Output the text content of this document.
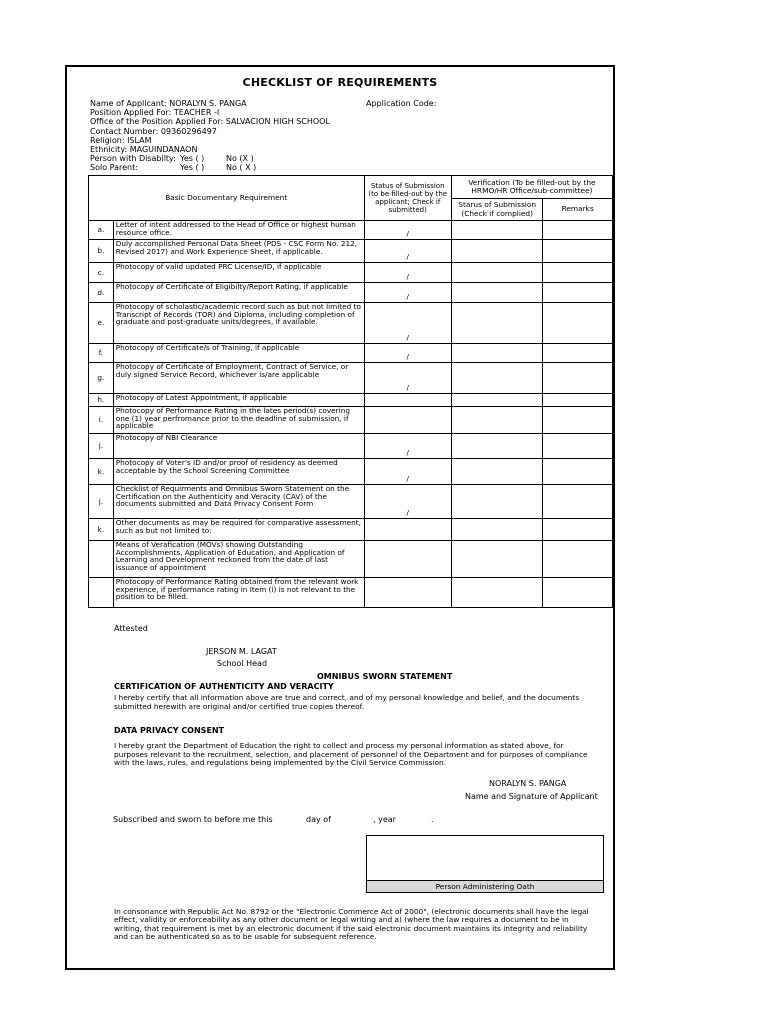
CHECKLIST OF REQUIREMENTS
Name of Applicant: NORALYN S. PANGA
Position Applied For: TEACHER -I
Office of the Position Applied For: SALVACION HIGH SCHOOL
Contact Number: 09360296497
Religion: ISLAM
Ethnicity: MAGUINDANAON
Person with Disabilty: Yes ( )	No (X )
Solo Parent:	Yes ( )	No ( X )
Application Code:
Basic Documentary Requirement		Status of Submission (to be filled-out by the applicant; Check if submitted)	Verification (To be filled-out by the HRMO/HR Office/sub-committee)	
			Starus of Submission (Check if complied)	Remarks
a.	Letter of intent addressed to the Head of Office or highest human resource office.	/		
b.	Duly accomplished Personal Data Sheet (PDS - CSC Form No. 212, Revised 2017) and Work Experience Sheet, if applicable.	/		
c.	Photocopy of valid updated PRC License/ID, if applicable	/		
d.	Photocopy of Certificate of Eligibilty/Report Rating, if applicable	/		
e.	Photocopy of scholastic/academic record such as but not limited to Transcript of Records (TOR) and Diploma, including completion of graduate and post-graduate units/degrees, if available.	/		
f.	Photocopy of Certificate/s of Training, if applicable	/		
g.	Photocopy of Certificate of Employment, Contract of Service, or duly signed Service Record, whichever is/are applicable	/		
h.	Photocopy of Latest Appointment, if applicable			
i.	Photocopy of Performance Rating in the lates period(s) covering one (1) year perfromance prior to the deadline of submission, if applicable			
j.	Photocopy of NBI Clearance	/		
k.	Photocopy of Voter's ID and/or proof of residency as deemed acceptable by the School Screening Committee	/		
j.	Checklist of Requirments and Omnibus Sworn Statement on the Certification on the Authenticity and Veracity (CAV) of the documents submitted and Data Privacy Consent Form	/		
k.	Other documents as may be required for comparative assessment, such as but not limited to:			
	Means of Verafication (MOVs) showing Outstanding Accomplishments, Application of Education, and Application of Learning and Development reckoned from the date of last issuance of appointment			
	Photocopy of Performance Rating obtained from the relevant work experience, if performance rating in Item (i) is not relevant to the position to be filled.			
Attested
JERSON M. LAGAT
School Head
OMNIBUS SWORN STATEMENT
CERTIFICATION OF AUTHENTICITY AND VERACITY
I hereby certify that all information above are true and correct, and of my personal knowledge and belief, and the documents submitted herewith are original and/or certified true copies thereof.
DATA PRIVACY CONSENT
I hereby grant the Department of Education the right to collect and process my personal information as stated above, for purposes relevant to the recruitment, selection, and placement of personnel of the Department and for purposes of compliance with the laws, rules, and regulations being implemented by the Civil Service Commission.
NORALYN S. PANGA
Name and Signature of Applicant
Subscribed and sworn to before me this	day of	, year	.
Person Administering Oath
In consonance with Republic Act No. 8792 or the "Electronic Commerce Act of 2000", (electronic documents shall have the legal effect, validity or enforceability as any other document or legal writing and a) (where the law requires a document to be in writing, that requirement is met by an electronic document if the said electronic document maintains its integrity and reliability and can be authenticated so as to be usable for subsequent reference.
